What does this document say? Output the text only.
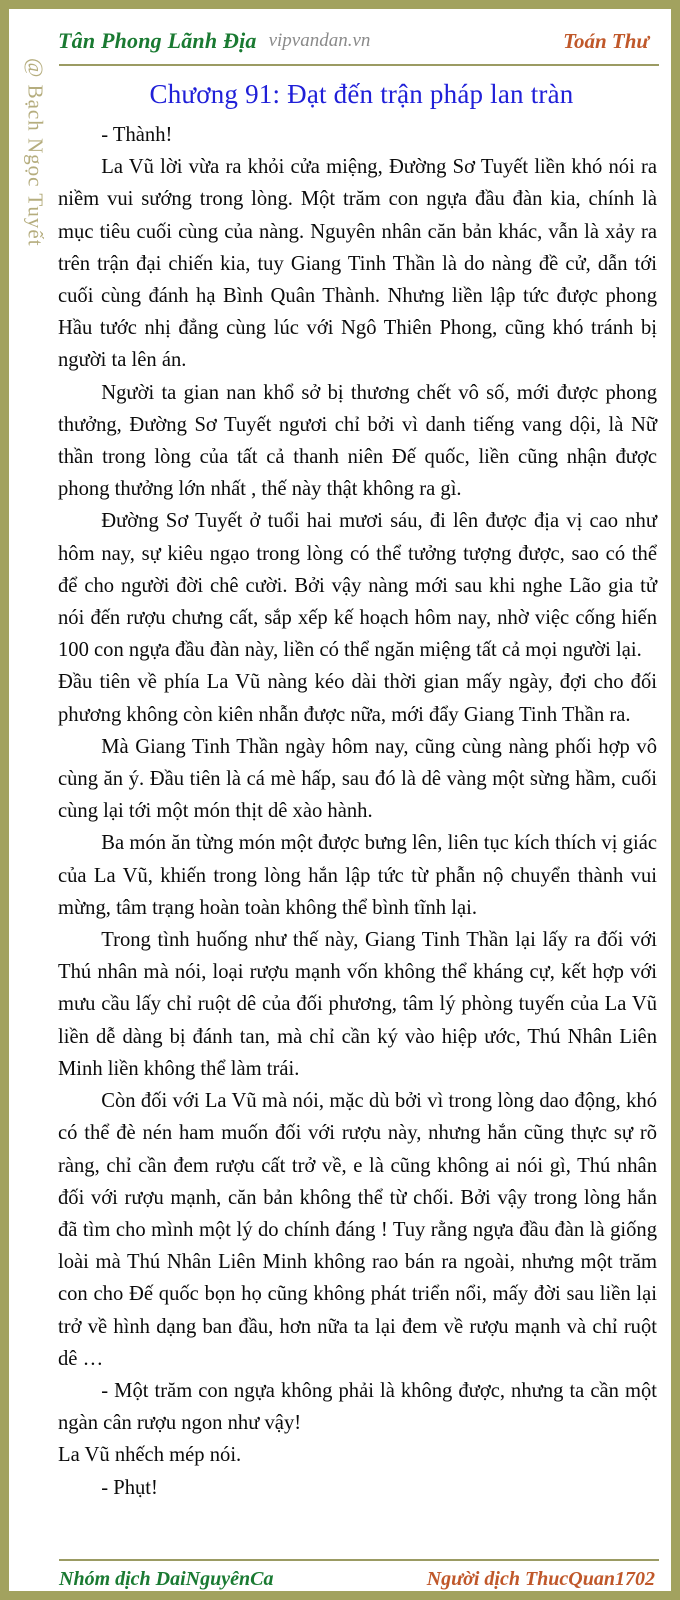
@ Bạch Ngọc Tuyết
Tân Phong Lãnh Địa vipvandan.vn	Toán Thư
Chương 91: Đạt đến trận pháp lan tràn

- Thành!

La Vũ lời vừa ra khỏi cửa miệng, Đường Sơ Tuyết liền khó nói ra niềm vui sướng trong lòng. Một trăm con ngựa đầu đàn kia, chính là mục tiêu cuối cùng của nàng. Nguyên nhân căn bản khác, vẫn là xảy ra trên trận đại chiến kia, tuy Giang Tinh Thần là do nàng đề cử, dẫn tới cuối cùng đánh hạ Bình Quân Thành. Nhưng liền lập tức được phong Hầu tước nhị đẳng cùng lúc với Ngô Thiên Phong, cũng khó tránh bị người ta lên án.

Người ta gian nan khổ sở bị thương chết vô số, mới được phong thưởng, Đường Sơ Tuyết ngươi chỉ bởi vì danh tiếng vang dội, là Nữ thần trong lòng của tất cả thanh niên Đế quốc, liền cũng nhận được phong thưởng lớn nhất , thế này thật không ra gì.

Đường Sơ Tuyết ở tuổi hai mươi sáu, đi lên được địa vị cao như hôm nay, sự kiêu ngạo trong lòng có thể tưởng tượng được, sao có thể để cho người đời chê cười. Bởi vậy nàng mới sau khi nghe Lão gia tử nói đến rượu chưng cất, sắp xếp kế hoạch hôm nay, nhờ việc cống hiến 100 con ngựa đầu đàn này, liền có thể ngăn miệng tất cả mọi người lại.

Đầu tiên về phía La Vũ nàng kéo dài thời gian mấy ngày, đợi cho đối phương không còn kiên nhẫn được nữa, mới đẩy Giang Tinh Thần ra.

Mà Giang Tinh Thần ngày hôm nay, cũng cùng nàng phối hợp vô cùng ăn ý. Đầu tiên là cá mè hấp, sau đó là dê vàng một sừng hầm, cuối cùng lại tới một món thịt dê xào hành.

Ba món ăn từng món một được bưng lên, liên tục kích thích vị giác của La Vũ, khiến trong lòng hắn lập tức từ phẫn nộ chuyển thành vui mừng, tâm trạng hoàn toàn không thể bình tĩnh lại.

Trong tình huống như thế này, Giang Tinh Thần lại lấy ra đối với Thú nhân mà nói, loại rượu mạnh vốn không thể kháng cự, kết hợp với mưu cầu lấy chỉ ruột dê của đối phương, tâm lý phòng tuyến của La Vũ liền dễ dàng bị đánh tan, mà chỉ cần ký vào hiệp ước, Thú Nhân Liên Minh liền không thể làm trái.

Còn đối với La Vũ mà nói, mặc dù bởi vì trong lòng dao động, khó có thể đè nén ham muốn đối với rượu này, nhưng hắn cũng thực sự rõ ràng, chỉ cần đem rượu cất trở về, e là cũng không ai nói gì, Thú nhân đối với rượu mạnh, căn bản không thể từ chối. Bởi vậy trong lòng hắn đã tìm cho mình một lý do chính đáng ! Tuy rằng ngựa đầu đàn là giống loài mà Thú Nhân Liên Minh không rao bán ra ngoài, nhưng một trăm con cho Đế quốc bọn họ cũng không phát triển nổi, mấy đời sau liền lại trở về hình dạng ban đầu, hơn nữa ta lại đem về rượu mạnh và chỉ ruột dê …

- Một trăm con ngựa không phải là không được, nhưng ta cần một ngàn cân rượu ngon như vậy!

La Vũ nhếch mép nói.

- Phụt!

Nhóm dịch DaiNguyênCa	Người dịch ThucQuan1702
